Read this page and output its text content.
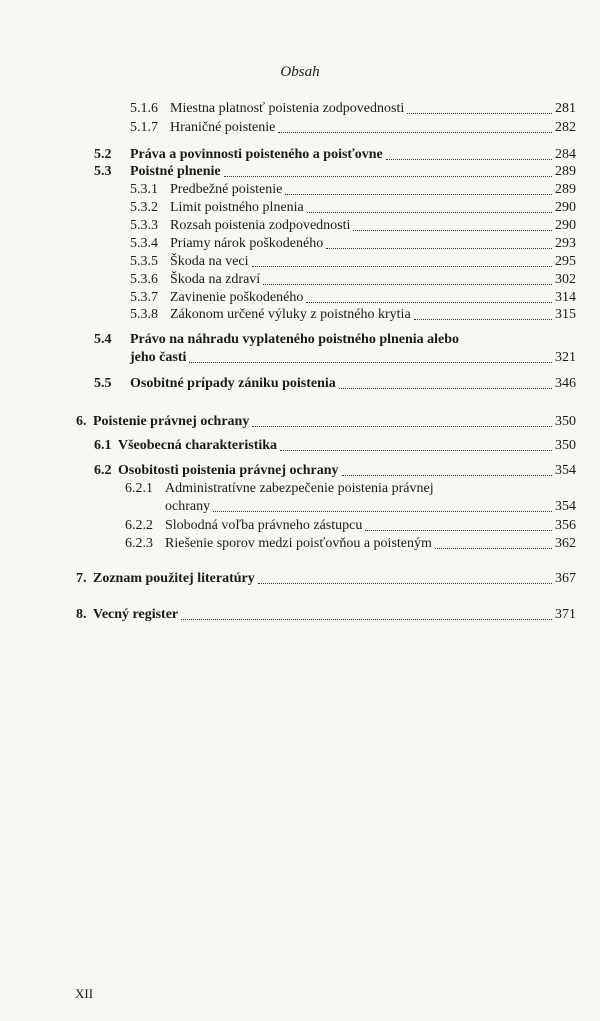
Obsah
5.1.6 Miestna platnosť poistenia zodpovednosti	281
5.1.7 Hraničné poistenie	282
5.2	Práva a povinnosti poisteného a poisťovne	284
5.3	Poistné plnenie	289
5.3.1 Predbežné poistenie	289
5.3.2 Limit poistného plnenia	290
5.3.3 Rozsah poistenia zodpovednosti	290
5.3.4 Priamy nárok poškodeného	293
5.3.5 Škoda na veci	295
5.3.6 Škoda na zdraví	302
5.3.7 Zavinenie poškodeného	314
5.3.8 Zákonom určené výluky z poistného krytia	315
5.4 Právo na náhradu vyplateného poistného plnenia alebo
jeho časti	321
5.5	Osobitné prípady zániku poistenia	346
6. Poistenie právnej ochrany	350
6.1 Všeobecná charakteristika	350
6.2 Osobitosti poistenia právnej ochrany	354
6.2.1 Administratívne zabezpečenie poistenia právnej
ochrany	354
6.2.2 Slobodná voľba právneho zástupcu	356
6.2.3 Riešenie sporov medzi poisťovňou a poisteným	362
7. Zoznam použitej literatúry	367
8. Vecný register	371
XII
